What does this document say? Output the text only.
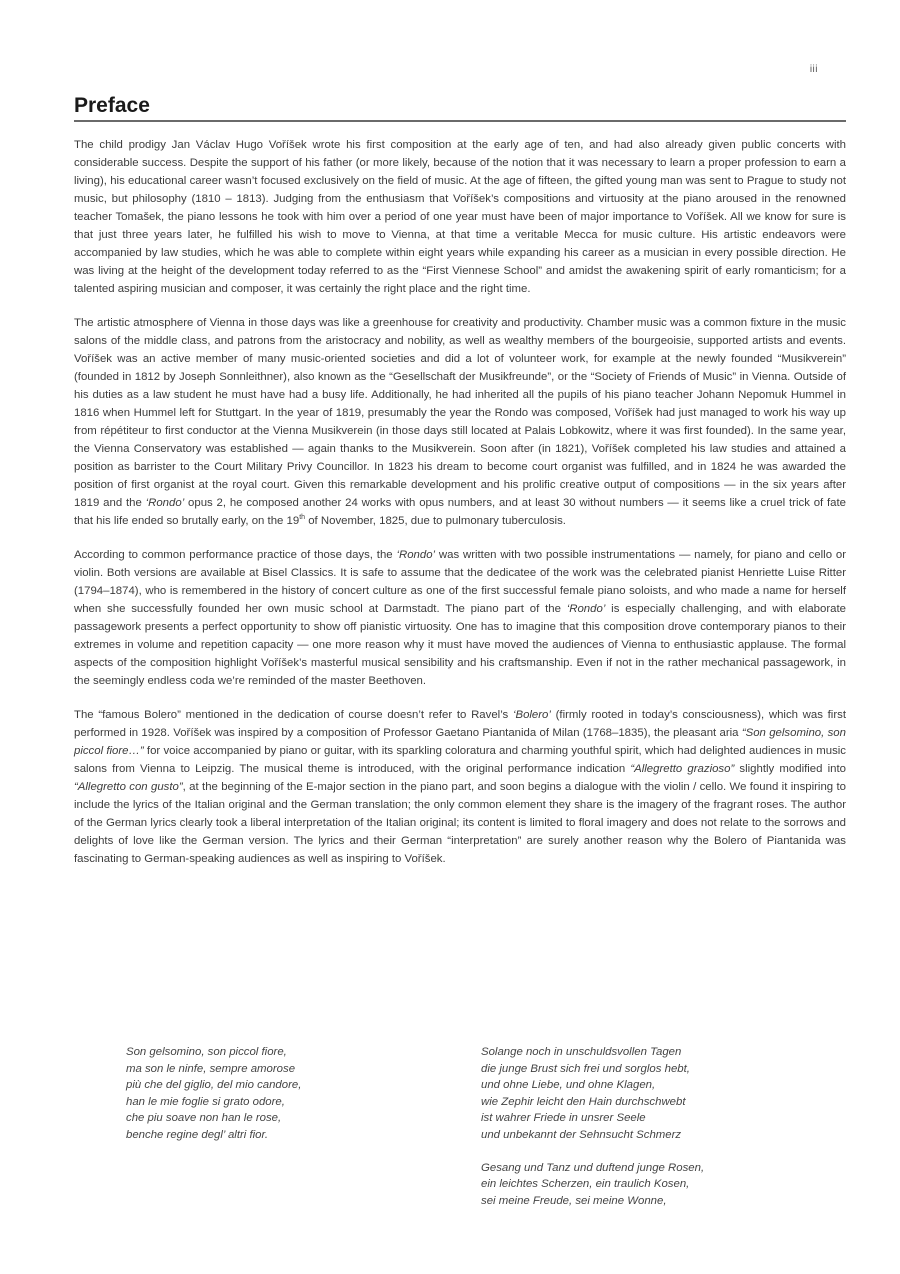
iii
Preface

The child prodigy Jan Václav Hugo Voříšek wrote his first composition at the early age of ten, and had also already given public concerts with considerable success. Despite the support of his father (or more likely, because of the notion that it was necessary to learn a proper profession to earn a living), his educational career wasn’t focused exclusively on the field of music. At the age of fifteen, the gifted young man was sent to Prague to study not music, but philosophy (1810 – 1813). Judging from the enthusiasm that Voříšek’s compositions and virtuosity at the piano aroused in the renowned teacher Tomašek, the piano lessons he took with him over a period of one year must have been of major importance to Voříšek. All we know for sure is that just three years later, he fulfilled his wish to move to Vienna, at that time a veritable Mecca for music culture. His artistic endeavors were accompanied by law studies, which he was able to complete within eight years while expanding his career as a musician in every possible direction. He was living at the height of the development today referred to as the “First Viennese School” and amidst the awakening spirit of early romanticism; for a talented aspiring musician and composer, it was certainly the right place and the right time.

The artistic atmosphere of Vienna in those days was like a greenhouse for creativity and productivity. Chamber music was a common fixture in the music salons of the middle class, and patrons from the aristocracy and nobility, as well as wealthy members of the bourgeoisie, supported artists and events. Voříšek was an active member of many music-oriented societies and did a lot of volunteer work, for example at the newly founded “Musikverein” (founded in 1812 by Joseph Sonnleithner), also known as the “Gesellschaft der Musikfreunde”, or the “Society of Friends of Music” in Vienna. Outside of his duties as a law student he must have had a busy life. Additionally, he had inherited all the pupils of his piano teacher Johann Nepomuk Hummel in 1816 when Hummel left for Stuttgart. In the year of 1819, presumably the year the Rondo was composed, Voříšek had just managed to work his way up from répétiteur to first conductor at the Vienna Musikverein (in those days still located at Palais Lobkowitz, where it was first founded). In the same year, the Vienna Conservatory was established — again thanks to the Musikverein. Soon after (in 1821), Voříšek completed his law studies and attained a position as barrister to the Court Military Privy Councillor. In 1823 his dream to become court organist was fulfilled, and in 1824 he was awarded the position of first organist at the royal court. Given this remarkable development and his prolific creative output of compositions — in the six years after 1819 and the ‘Rondo’ opus 2, he composed another 24 works with opus numbers, and at least 30 without numbers — it seems like a cruel trick of fate that his life ended so brutally early, on the 19th of November, 1825, due to pulmonary tuberculosis.

According to common performance practice of those days, the ‘Rondo’ was written with two possible instrumentations — namely, for piano and cello or violin. Both versions are available at Bisel Classics. It is safe to assume that the dedicatee of the work was the celebrated pianist Henriette Luise Ritter (1794–1874), who is remembered in the history of concert culture as one of the first successful female piano soloists, and who made a name for herself when she successfully founded her own music school at Darmstadt. The piano part of the ‘Rondo’ is especially challenging, and with elaborate passagework presents a perfect opportunity to show off pianistic virtuosity. One has to imagine that this composition drove contemporary pianos to their extremes in volume and repetition capacity — one more reason why it must have moved the audiences of Vienna to enthusiastic applause. The formal aspects of the composition highlight Voříšek’s masterful musical sensibility and his craftsmanship. Even if not in the rather mechanical passagework, in the seemingly endless coda we’re reminded of the master Beethoven.

The “famous Bolero” mentioned in the dedication of course doesn’t refer to Ravel’s ‘Bolero’ (firmly rooted in today’s consciousness), which was first performed in 1928. Voříšek was inspired by a composition of Professor Gaetano Piantanida of Milan (1768–1835), the pleasant aria “Son gelsomino, son piccol fiore…” for voice accompanied by piano or guitar, with its sparkling coloratura and charming youthful spirit, which had delighted audiences in music salons from Vienna to Leipzig. The musical theme is introduced, with the original performance indication “Allegretto grazioso” slightly modified into “Allegretto con gusto”, at the beginning of the E-major section in the piano part, and soon begins a dialogue with the violin / cello. We found it inspiring to include the lyrics of the Italian original and the German translation; the only common element they share is the imagery of the fragrant roses. The author of the German lyrics clearly took a liberal interpretation of the Italian original; its content is limited to floral imagery and does not relate to the sorrows and delights of love like the German version. The lyrics and their German “interpretation” are surely another reason why the Bolero of Piantanida was fascinating to German-speaking audiences as well as inspiring to Voříšek.

Son gelsomino, son piccol fiore,
ma son le ninfe, sempre amorose
più che del giglio, del mio candore,
han le mie foglie si grato odore,
che piu soave non han le rose,
benche regine degl’ altri fior.
Solange noch in unschuldsvollen Tagen
die junge Brust sich frei und sorglos hebt,
und ohne Liebe, und ohne Klagen,
wie Zephir leicht den Hain durchschwebt
ist wahrer Friede in unsrer Seele
und unbekannt der Sehnsucht Schmerz
Gesang und Tanz und duftend junge Rosen,
ein leichtes Scherzen, ein traulich Kosen,
sei meine Freude, sei meine Wonne,
